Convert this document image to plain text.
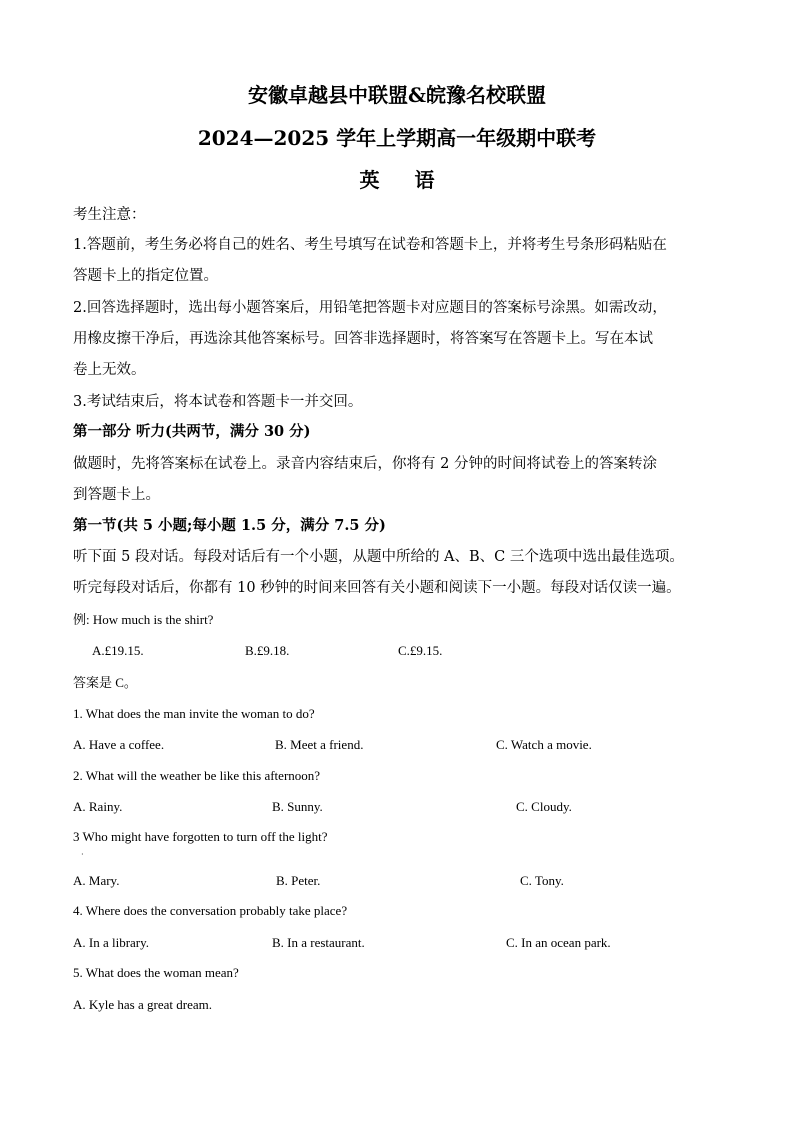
安徽卓越县中联盟&皖豫名校联盟
2024—2025 学年上学期高一年级期中联考
英 语
考生注意：
1.答题前，考生务必将自己的姓名、考生号填写在试卷和答题卡上，并将考生号条形码粘贴在
答题卡上的指定位置。
2.回答选择题时，选出每小题答案后，用铅笔把答题卡对应题目的答案标号涂黑。如需改动，
用橡皮擦干净后，再选涂其他答案标号。回答非选择题时，将答案写在答题卡上。写在本试
卷上无效。
3.考试结束后，将本试卷和答题卡一并交回。
第一部分 听力(共两节，满分 30 分)
做题时，先将答案标在试卷上。录音内容结束后，你将有 2 分钟的时间将试卷上的答案转涂
到答题卡上。
第一节(共 5 小题;每小题 1.5 分，满分 7.5 分)
听下面 5 段对话。每段对话后有一个小题，从题中所给的 A、B、C 三个选项中选出最佳选项。
听完每段对话后，你都有 10 秒钟的时间来回答有关小题和阅读下一小题。每段对话仅读一遍。
例: How much is the shirt?
A.£19.15.	B.£9.18.	C.£9.15.
答案是 C。
1. What does the man invite the woman to do?
A. Have a coffee.	B. Meet a friend.	C. Watch a movie.
2. What will the weather be like this afternoon?
A. Rainy.	B. Sunny.	C. Cloudy.
3 Who might have forgotten to turn off the light?
·
A. Mary.	B. Peter.	C. Tony.
4. Where does the conversation probably take place?
A. In a library.	B. In a restaurant.	C. In an ocean park.
5. What does the woman mean?
A. Kyle has a great dream.
